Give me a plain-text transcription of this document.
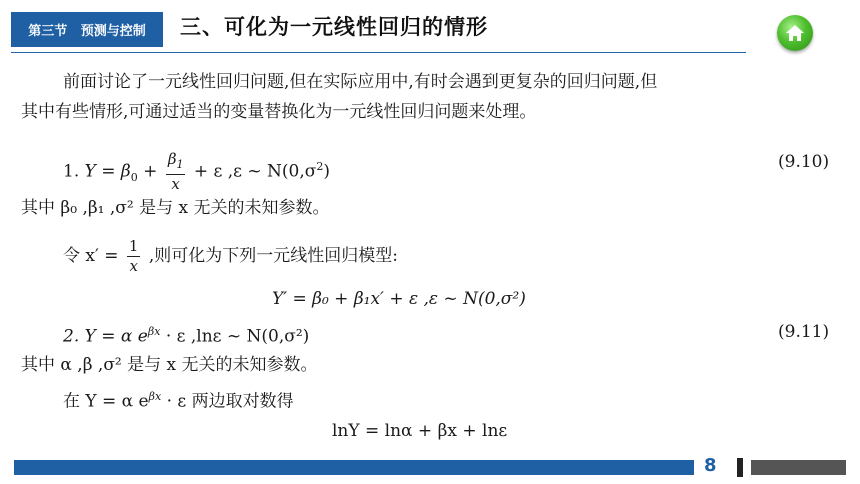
第三节   预测与控制	三、可化为一元线性回归的情形
前面讨论了一元线性回归问题,但在实际应用中,有时会遇到更复杂的回归问题,但
其中有些情形,可通过适当的变量替换化为一元线性回归问题来处理。
1. $Y = \beta_0 + \frac{\beta_1}{x} + \varepsilon$ ,ε ~ $N(0,\sigma^2)$	(9.10)
其中 β₀ ,β₁ ,σ² 是与 x 无关的未知参数。
令 $x' = \frac{1}{x}$ ,则可化为下列一元线性回归模型:
Y′ = β₀ + β₁x′ + ε ,ε ~ N(0,σ²)
2. Y = α $e^{\beta x} \cdot \varepsilon$ ,lnε ~ N(0,σ²)	(9.11)
其中 α ,β ,σ² 是与 x 无关的未知参数。
在 Y = α $e^{\beta x} \cdot \varepsilon$ 两边取对数得
lnY = lnα + βx + lnε
8
